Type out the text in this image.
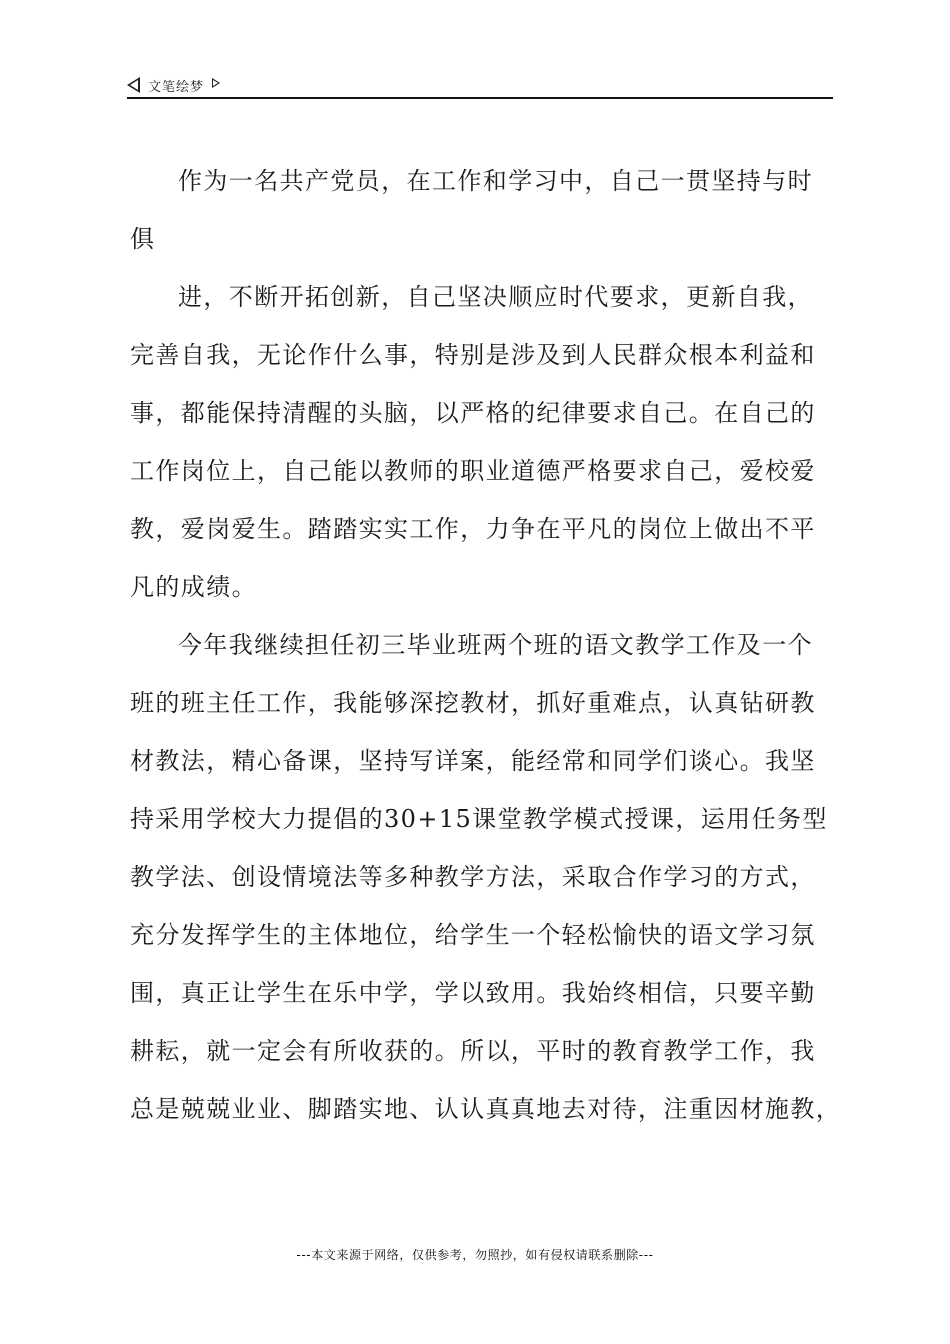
文笔绘梦
作为一名共产党员，在工作和学习中，自己一贯坚持与时
俱
进，不断开拓创新，自己坚决顺应时代要求，更新自我，
完善自我，无论作什么事，特别是涉及到人民群众根本利益和
事，都能保持清醒的头脑，以严格的纪律要求自己。在自己的
工作岗位上，自己能以教师的职业道德严格要求自己，爱校爱
教，爱岗爱生。踏踏实实工作，力争在平凡的岗位上做出不平
凡的成绩。
今年我继续担任初三毕业班两个班的语文教学工作及一个
班的班主任工作，我能够深挖教材，抓好重难点，认真钻研教
材教法，精心备课，坚持写详案，能经常和同学们谈心。我坚
持采用学校大力提倡的30+15课堂教学模式授课，运用任务型
教学法、创设情境法等多种教学方法，采取合作学习的方式，
充分发挥学生的主体地位，给学生一个轻松愉快的语文学习氛
围，真正让学生在乐中学，学以致用。我始终相信，只要辛勤
耕耘，就一定会有所收获的。所以，平时的教育教学工作，我
总是兢兢业业、脚踏实地、认认真真地去对待，注重因材施教，
---本文来源于网络，仅供参考，勿照抄，如有侵权请联系删除---
